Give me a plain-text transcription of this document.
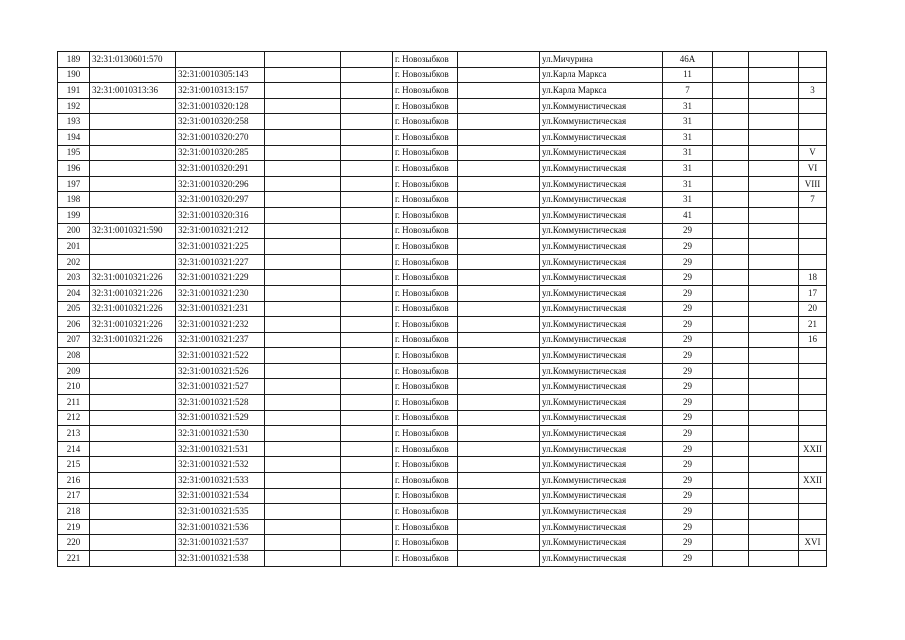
189	32:31:0130601:570				г. Новозыбков		ул.Мичурина	46А			
190		32:31:0010305:143			г. Новозыбков		ул.Карла Маркса	11			
191	32:31:0010313:36	32:31:0010313:157			г. Новозыбков		ул.Карла Маркса	7			3
192		32:31:0010320:128			г. Новозыбков		ул.Коммунистическая	31			
193		32:31:0010320:258			г. Новозыбков		ул.Коммунистическая	31			
194		32:31:0010320:270			г. Новозыбков		ул.Коммунистическая	31			
195		32:31:0010320:285			г. Новозыбков		ул.Коммунистическая	31			V
196		32:31:0010320:291			г. Новозыбков		ул.Коммунистическая	31			VI
197		32:31:0010320:296			г. Новозыбков		ул.Коммунистическая	31			VIII
198		32:31:0010320:297			г. Новозыбков		ул.Коммунистическая	31			7
199		32:31:0010320:316			г. Новозыбков		ул.Коммунистическая	41			
200	32:31:0010321:590	32:31:0010321:212			г. Новозыбков		ул.Коммунистическая	29			
201		32:31:0010321:225			г. Новозыбков		ул.Коммунистическая	29			
202		32:31:0010321:227			г. Новозыбков		ул.Коммунистическая	29			
203	32:31:0010321:226	32:31:0010321:229			г. Новозыбков		ул.Коммунистическая	29			18
204	32:31:0010321:226	32:31:0010321:230			г. Новозыбков		ул.Коммунистическая	29			17
205	32:31:0010321:226	32:31:0010321:231			г. Новозыбков		ул.Коммунистическая	29			20
206	32:31:0010321:226	32:31:0010321:232			г. Новозыбков		ул.Коммунистическая	29			21
207	32:31:0010321:226	32:31:0010321:237			г. Новозыбков		ул.Коммунистическая	29			16
208		32:31:0010321:522			г. Новозыбков		ул.Коммунистическая	29			
209		32:31:0010321:526			г. Новозыбков		ул.Коммунистическая	29			
210		32:31:0010321:527			г. Новозыбков		ул.Коммунистическая	29			
211		32:31:0010321:528			г. Новозыбков		ул.Коммунистическая	29			
212		32:31:0010321:529			г. Новозыбков		ул.Коммунистическая	29			
213		32:31:0010321:530			г. Новозыбков		ул.Коммунистическая	29			
214		32:31:0010321:531			г. Новозыбков		ул.Коммунистическая	29			XXII
215		32:31:0010321:532			г. Новозыбков		ул.Коммунистическая	29			
216		32:31:0010321:533			г. Новозыбков		ул.Коммунистическая	29			XXII
217		32:31:0010321:534			г. Новозыбков		ул.Коммунистическая	29			
218		32:31:0010321:535			г. Новозыбков		ул.Коммунистическая	29			
219		32:31:0010321:536			г. Новозыбков		ул.Коммунистическая	29			
220		32:31:0010321:537			г. Новозыбков		ул.Коммунистическая	29			XVI
221		32:31:0010321:538			г. Новозыбков		ул.Коммунистическая	29			
